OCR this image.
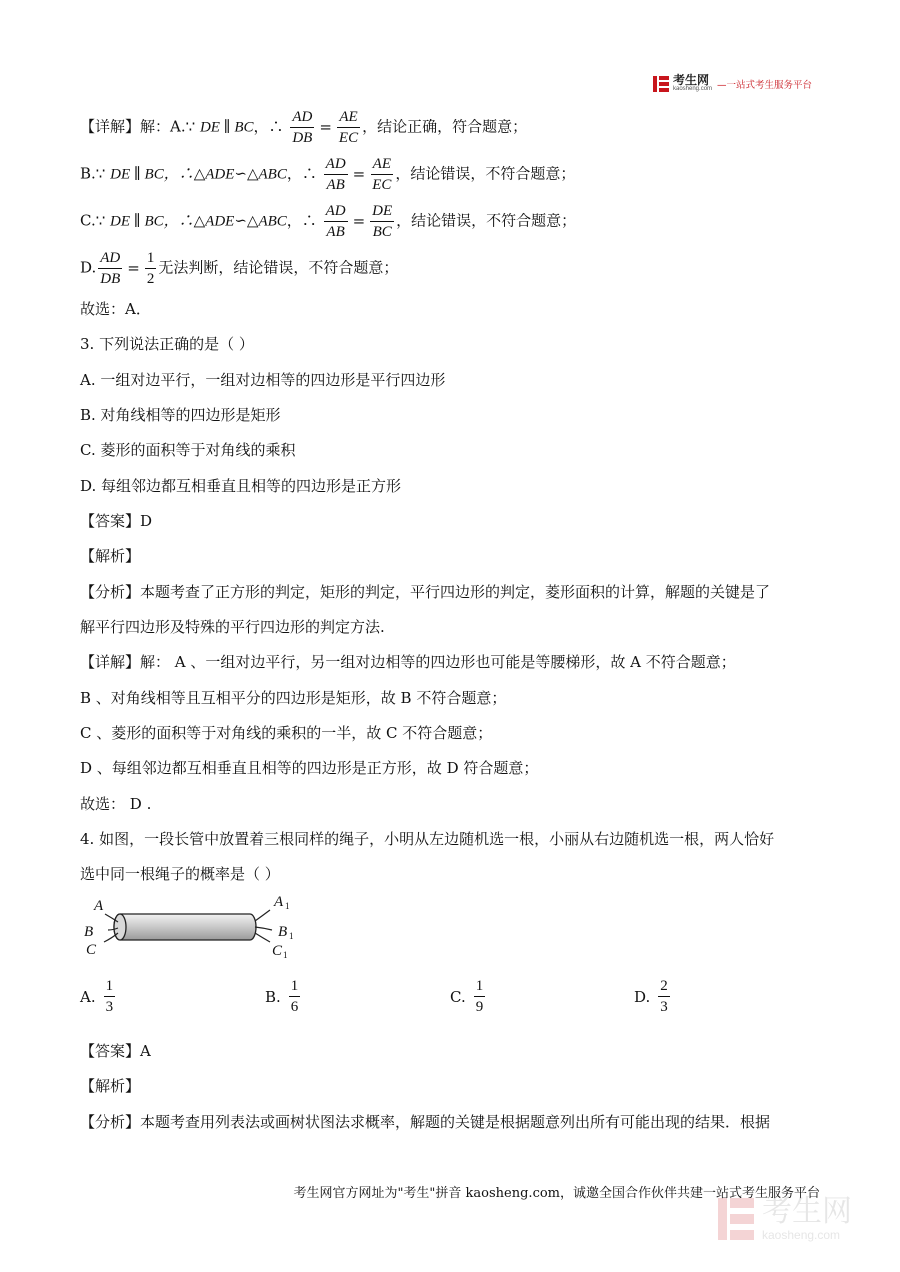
考生网
kaosheng.com —一站式考生服务平台
【详解】解：A.∵ DE ∥ BC，∴ $\frac{AD}{DB} = \frac{AE}{EC}$ ，结论正确，符合题意；
B.∵ DE ∥ BC，∴△ADE∽△ABC，∴ $\frac{AD}{AB} = \frac{AE}{EC}$ ，结论错误，不符合题意；
C.∵ DE ∥ BC，∴△ADE∽△ABC，∴ $\frac{AD}{AB} = \frac{DE}{BC}$ ，结论错误，不符合题意；
D. $\frac{AD}{DB} = \frac{1}{2}$ 无法判断，结论错误，不符合题意；
故选：A．
3. 下列说法正确的是（ ）
A. 一组对边平行，一组对边相等的四边形是平行四边形
B. 对角线相等的四边形是矩形
C. 菱形的面积等于对角线的乘积
D. 每组邻边都互相垂直且相等的四边形是正方形
【答案】D
【解析】
【分析】本题考查了正方形的判定，矩形的判定，平行四边形的判定，菱形面积的计算，解题的关键是了
解平行四边形及特殊的平行四边形的判定方法.
【详解】解： A 、一组对边平行，另一组对边相等的四边形也可能是等腰梯形，故 A 不符合题意；
B 、对角线相等且互相平分的四边形是矩形，故 B 不符合题意；
C 、菱形的面积等于对角线的乘积的一半，故 C 不符合题意；
D 、每组邻边都互相垂直且相等的四边形是正方形，故 D 符合题意；
故选： D .
4. 如图，一段长管中放置着三根同样的绳子，小明从左边随机选一根，小丽从右边随机选一根，两人恰好
选中同一根绳子的概率是（ ）
A
B
C
A
B
C
1
1
1
A. $\frac{1}{3}$	B. $\frac{1}{6}$	C. $\frac{1}{9}$	D. $\frac{2}{3}$
【答案】A
【解析】
【分析】本题考查用列表法或画树状图法求概率，解题的关键是根据题意列出所有可能出现的结果．根据
考生网官方网址为"考生"拼音 kaosheng.com，诚邀全国合作伙伴共建一站式考生服务平台
考生网
kaosheng.com
